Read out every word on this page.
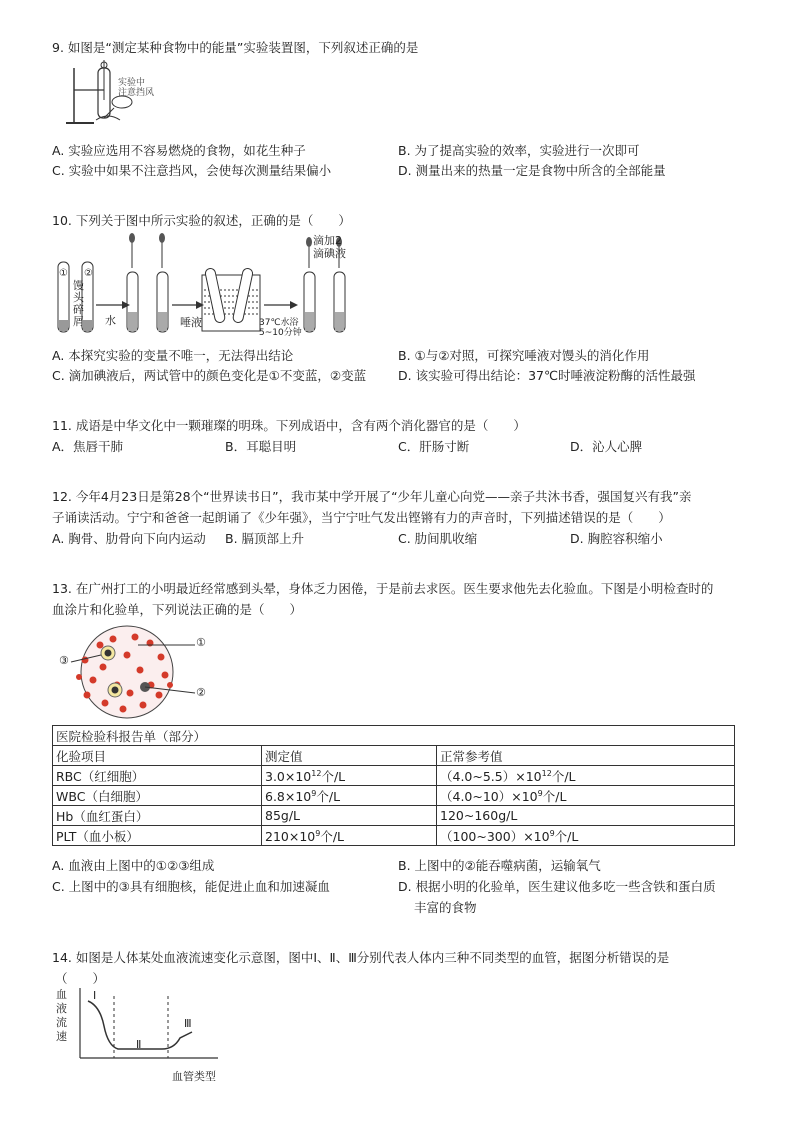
9. 如图是“测定某种食物中的能量”实验装置图，下列叙述正确的是
实验中
注意挡风
A. 实验应选用不容易燃烧的食物，如花生种子	B. 为了提高实验的效率，实验进行一次即可
C. 实验中如果不注意挡风，会使每次测量结果偏小	D. 测量出来的热量一定是食物中所含的全部能量
10. 下列关于图中所示实验的叙述，正确的是（　　）
① ②
馒头碎屑 水	唾液	37℃水浴
5~10分钟
滴加2
滴碘液
A. 本探究实验的变量不唯一，无法得出结论	B. ①与②对照，可探究唾液对馒头的消化作用
C. 滴加碘液后，两试管中的颜色变化是①不变蓝，②变蓝	D. 该实验可得出结论：37℃时唾液淀粉酶的活性最强
11. 成语是中华文化中一颗璀璨的明珠。下列成语中，含有两个消化器官的是（　　）
A．焦唇干肺	B．耳聪目明	C．肝肠寸断	D．沁人心脾
12. 今年4月23日是第28个“世界读书日”，我市某中学开展了“少年儿童心向党——亲子共沐书香，强国复兴有我”亲
子诵读活动。宁宁和爸爸一起朗诵了《少年强》，当宁宁吐气发出铿锵有力的声音时，下列描述错误的是（　　）
A. 胸骨、肋骨向下向内运动 B. 膈顶部上升	C. 肋间肌收缩	D. 胸腔容积缩小
13. 在广州打工的小明最近经常感到头晕，身体乏力困倦，于是前去求医。医生要求他先去化验血。下图是小明检查时的
血涂片和化验单，下列说法正确的是（　　）
①
②
③
医院检验科报告单（部分）		
化验项目	测定值	正常参考值
RBC（红细胞）	$3.0\times 10^{12}$个/L	$(4.0\sim 5.5)\times 10^{12}$个/L
WBC（白细胞）	$6.8\times 10^9$个/L	$(4.0\sim 10)\times 10^9$个/L
Hb（血红蛋白）	85g/L	120~160g/L
PLT（血小板）	$210\times 10^9$个/L	$(100\sim 300)\times 10^9$个/L
A. 血液由上图中的①②③组成	B. 上图中的②能吞噬病菌，运输氧气
C. 上图中的③具有细胞核，能促进止血和加速凝血	D. 根据小明的化验单，医生建议他多吃一些含铁和蛋白质
丰富的食物
14. 如图是人体某处血液流速变化示意图，图中Ⅰ、Ⅱ、Ⅲ分别代表人体内三种不同类型的血管，据图分析错误的是
（　　）
血
液
流
速
Ⅰ
Ⅱ
Ⅲ
血管类型
